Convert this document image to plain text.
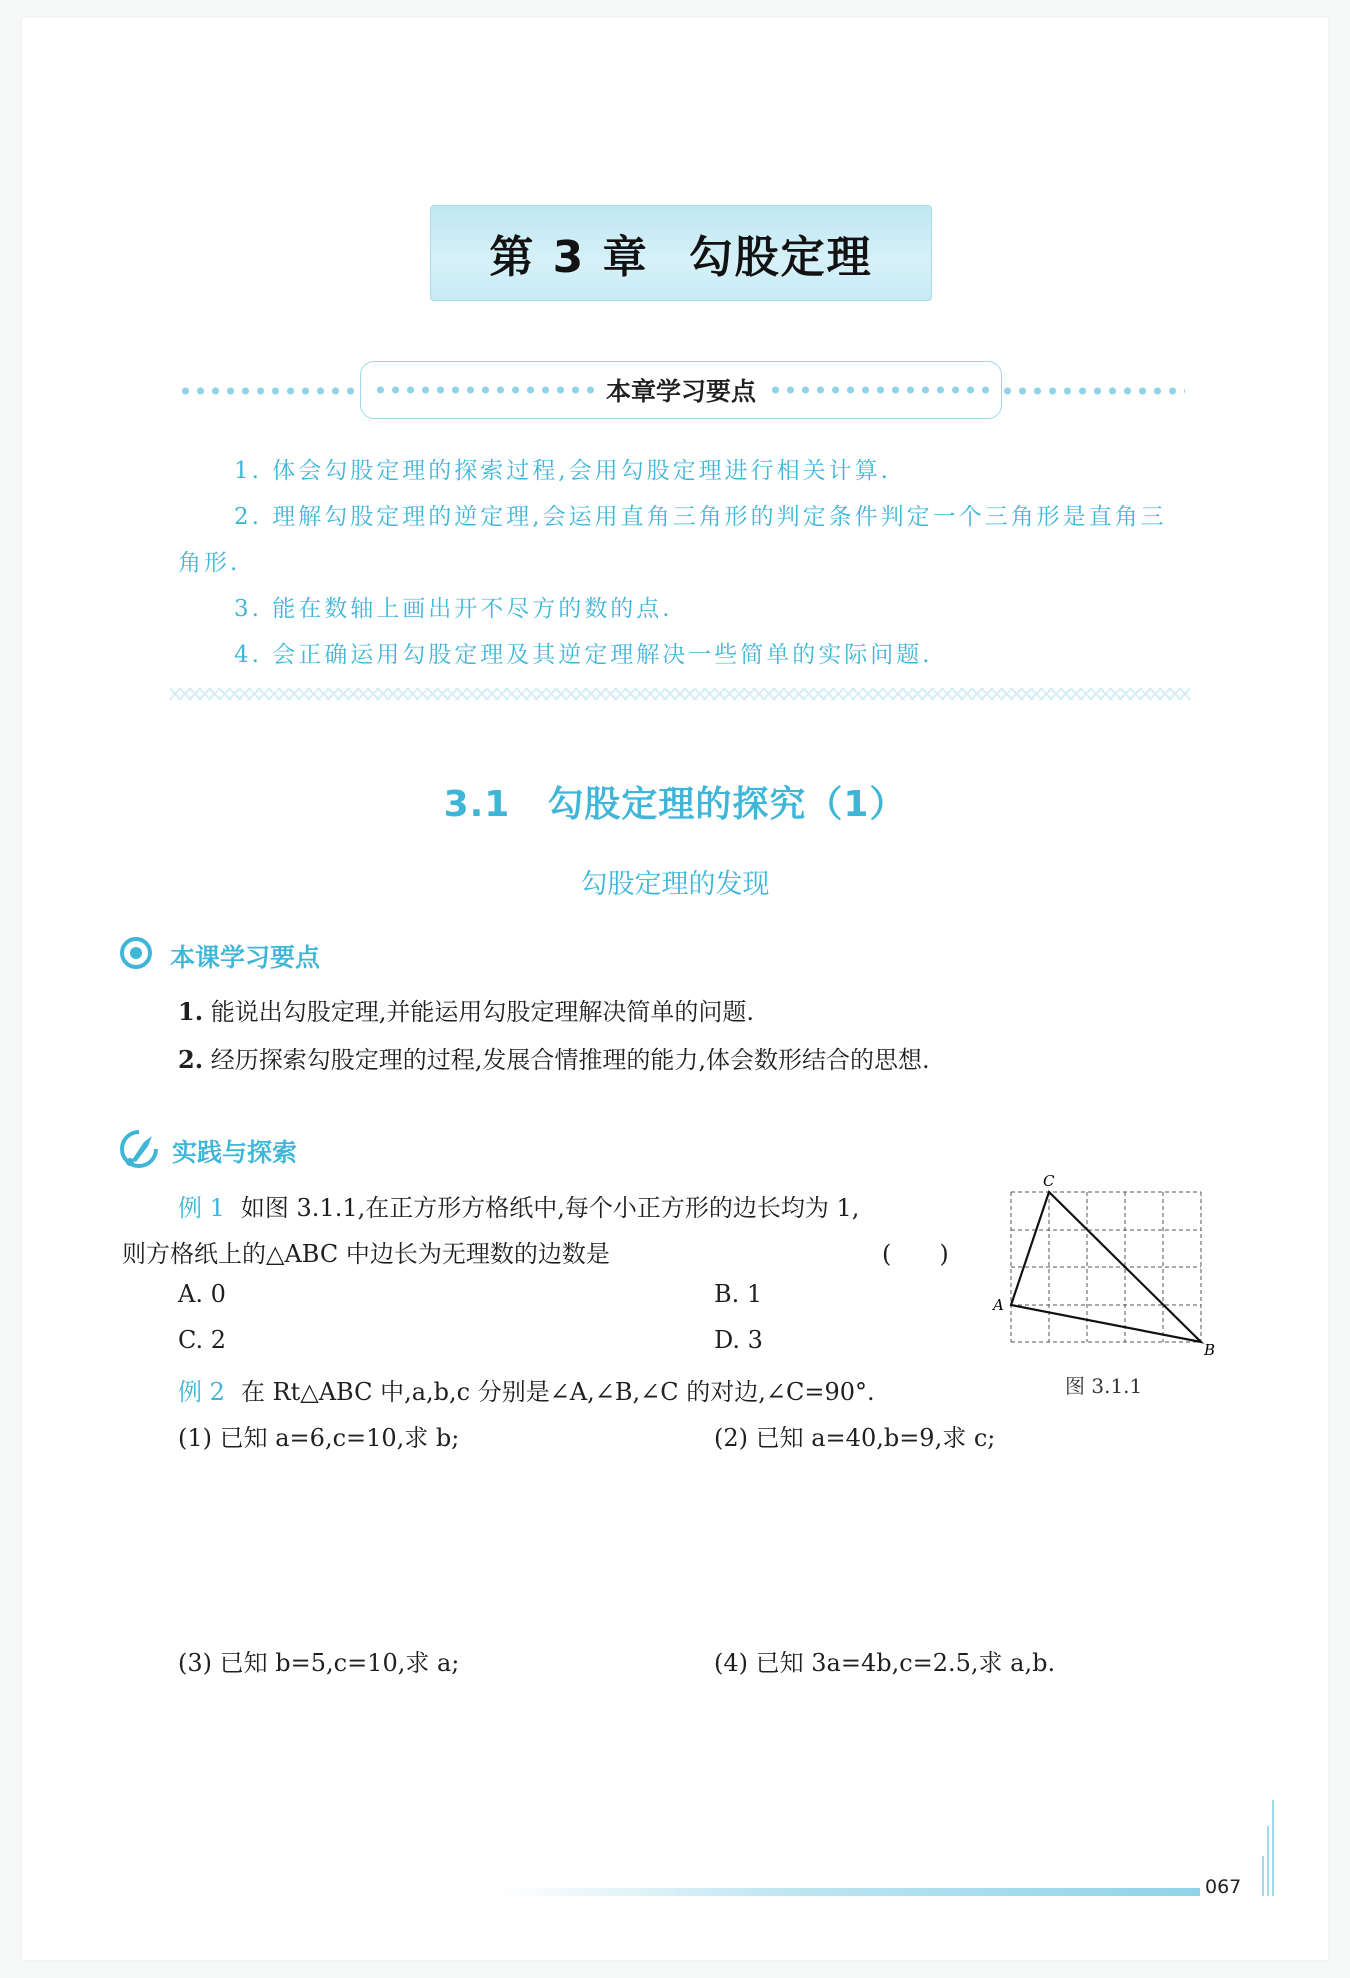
第 3 章 勾股定理
本章学习要点

1. 体会勾股定理的探索过程,会用勾股定理进行相关计算.

2. 理解勾股定理的逆定理,会运用直角三角形的判定条件判定一个三角形是直角三角形.

3. 能在数轴上画出开不尽方的数的点.

4. 会正确运用勾股定理及其逆定理解决一些简单的实际问题.

3.1　勾股定理的探究（1）
勾股定理的发现
本课学习要点

1. 能说出勾股定理,并能运用勾股定理解决简单的问题.

2. 经历探索勾股定理的过程,发展合情推理的能力,体会数形结合的思想.

实践与探索
例 1 如图 3.1.1,在正方形方格纸中,每个小正方形的边长均为 1,
则方格纸上的△ABC 中边长为无理数的边数是	(　　)
A. 0	B. 1
C. 2	D. 3
C
A
B
图 3.1.1
例 2 在 Rt△ABC 中,a,b,c 分别是∠A,∠B,∠C 的对边,∠C=90°.
(1) 已知 a=6,c=10,求 b;	(2) 已知 a=40,b=9,求 c;
(3) 已知 b=5,c=10,求 a;	(4) 已知 3a=4b,c=2.5,求 a,b.
067
